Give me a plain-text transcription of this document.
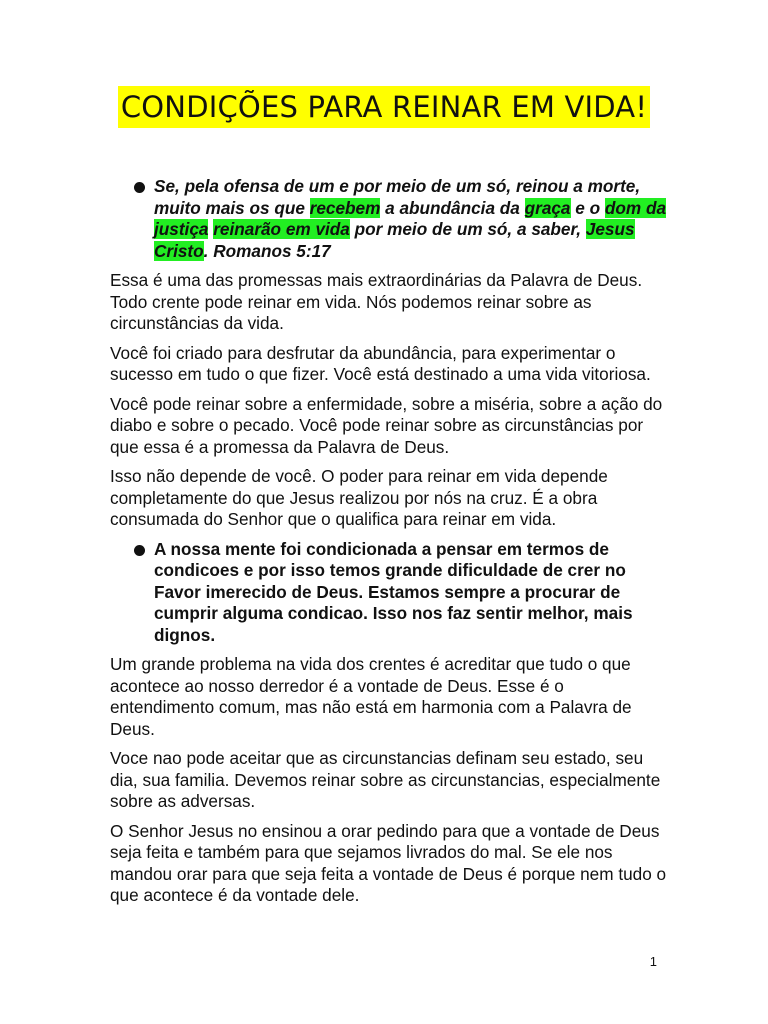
CONDIÇÕES PARA REINAR EM VIDA!
Se, pela ofensa de um e por meio de um só, reinou a morte, muito mais os que recebem a abundância da graça e o dom da justiça reinarão em vida por meio de um só, a saber, Jesus Cristo. Romanos 5:17

Essa é uma das promessas mais extraordinárias da Palavra de Deus. Todo crente pode reinar em vida. Nós podemos reinar sobre as circunstâncias da vida.

Você foi criado para desfrutar da abundância, para experimentar o sucesso em tudo o que fizer. Você está destinado a uma vida vitoriosa.

Você pode reinar sobre a enfermidade, sobre a miséria, sobre a ação do diabo e sobre o pecado. Você pode reinar sobre as circunstâncias por que essa é a promessa da Palavra de Deus.

Isso não depende de você. O poder para reinar em vida depende completamente do que Jesus realizou por nós na cruz. É a obra consumada do Senhor que o qualifica para reinar em vida.

A nossa mente foi condicionada a pensar em termos de condicoes e por isso temos grande dificuldade de crer no Favor imerecido de Deus. Estamos sempre a procurar de cumprir alguma condicao. Isso nos faz sentir melhor, mais dignos.

Um grande problema na vida dos crentes é acreditar que tudo o que acontece ao nosso derredor é a vontade de Deus. Esse é o entendimento comum, mas não está em harmonia com a Palavra de Deus.

Voce nao pode aceitar que as circunstancias definam seu estado, seu dia, sua familia. Devemos reinar sobre as circunstancias, especialmente sobre as adversas.

O Senhor Jesus no ensinou a orar pedindo para que a vontade de Deus seja feita e também para que sejamos livrados do mal. Se ele nos mandou orar para que seja feita a vontade de Deus é porque nem tudo o que acontece é da vontade dele.

1
